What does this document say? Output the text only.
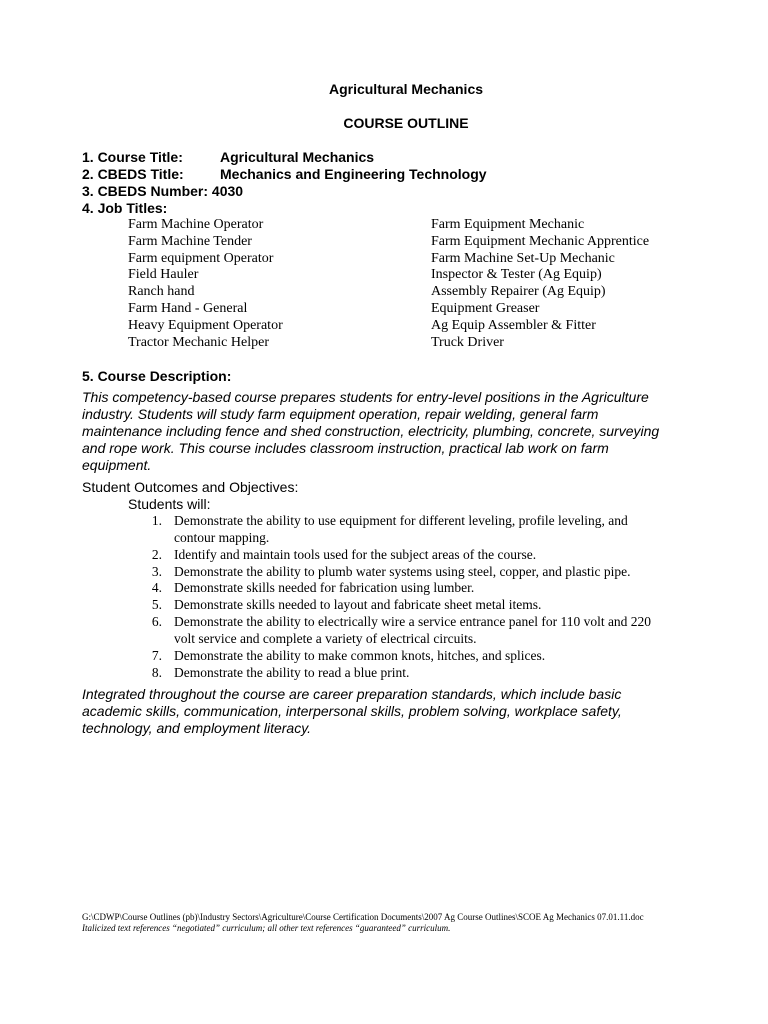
Agricultural Mechanics
COURSE OUTLINE
1. Course Title:	Agricultural Mechanics
2. CBEDS Title:	Mechanics and Engineering Technology
3. CBEDS Number: 4030
4. Job Titles:
Farm Machine Operator
Farm Machine Tender
Farm equipment Operator
Field Hauler
Ranch hand
Farm Hand - General
Heavy Equipment Operator
Tractor Mechanic Helper
Farm Equipment Mechanic
Farm Equipment Mechanic Apprentice
Farm Machine Set-Up Mechanic
Inspector & Tester (Ag Equip)
Assembly Repairer (Ag Equip)
Equipment Greaser
Ag Equip Assembler & Fitter
Truck Driver
5. Course Description:
This competency-based course prepares students for entry-level positions in the Agriculture
industry. Students will study farm equipment operation, repair welding, general farm
maintenance including fence and shed construction, electricity, plumbing, concrete, surveying
and rope work. This course includes classroom instruction, practical lab work on farm
equipment.
Student Outcomes and Objectives:
Students will:
1. Demonstrate the ability to use equipment for different leveling, profile leveling, and
contour mapping.
2. Identify and maintain tools used for the subject areas of the course.
3. Demonstrate the ability to plumb water systems using steel, copper, and plastic pipe.
4. Demonstrate skills needed for fabrication using lumber.
5. Demonstrate skills needed to layout and fabricate sheet metal items.
6. Demonstrate the ability to electrically wire a service entrance panel for 110 volt and 220
volt service and complete a variety of electrical circuits.
7. Demonstrate the ability to make common knots, hitches, and splices.
8. Demonstrate the ability to read a blue print.
Integrated throughout the course are career preparation standards, which include basic
academic skills, communication, interpersonal skills, problem solving, workplace safety,
technology, and employment literacy.
G:\CDWP\Course Outlines (pb)\Industry Sectors\Agriculture\Course Certification Documents\2007 Ag Course Outlines\SCOE Ag Mechanics 07.01.11.doc
Italicized text references “negotiated” curriculum; all other text references “guaranteed” curriculum.
